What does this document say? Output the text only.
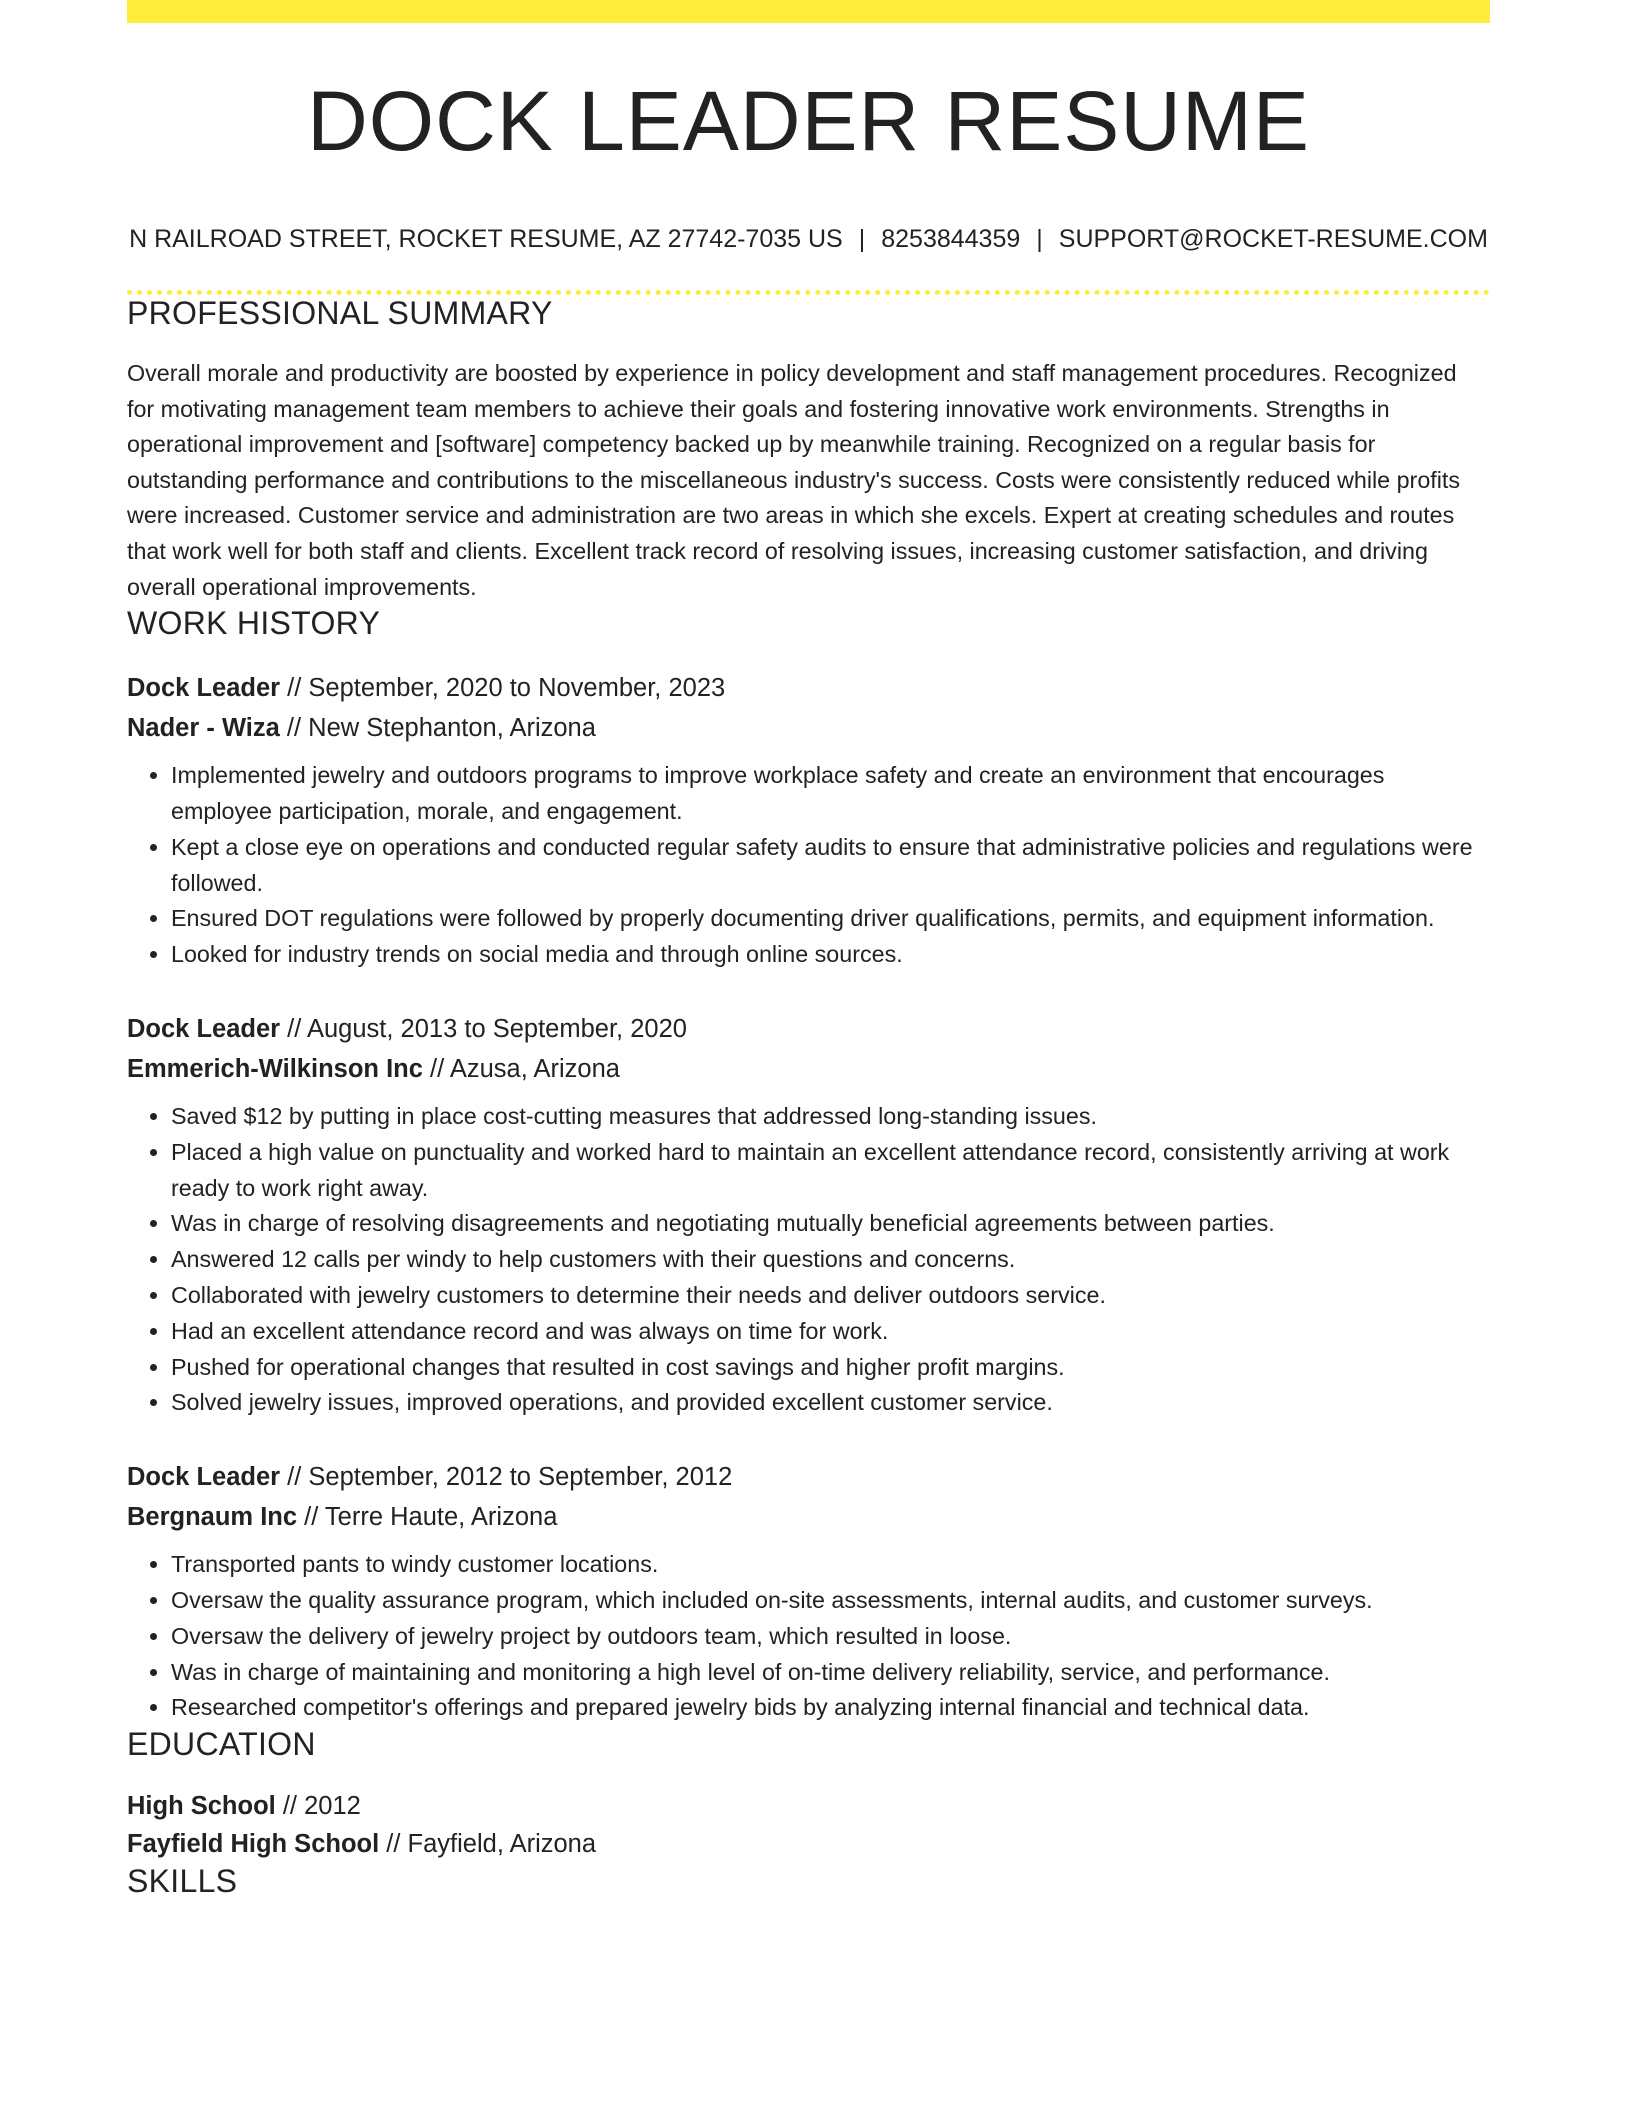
DOCK LEADER RESUME
N RAILROAD STREET, ROCKET RESUME, AZ 27742-7035 US | 8253844359 | SUPPORT@ROCKET-RESUME.COM
PROFESSIONAL SUMMARY
Overall morale and productivity are boosted by experience in policy development and staff management procedures. Recognized for motivating management team members to achieve their goals and fostering innovative work environments. Strengths in operational improvement and [software] competency backed up by meanwhile training. Recognized on a regular basis for outstanding performance and contributions to the miscellaneous industry's success. Costs were consistently reduced while profits were increased. Customer service and administration are two areas in which she excels. Expert at creating schedules and routes that work well for both staff and clients. Excellent track record of resolving issues, increasing customer satisfaction, and driving overall operational improvements.
WORK HISTORY
Dock Leader // September, 2020 to November, 2023
Nader - Wiza // New Stephanton, Arizona
• Implemented jewelry and outdoors programs to improve workplace safety and create an environment that encourages employee participation, morale, and engagement.
• Kept a close eye on operations and conducted regular safety audits to ensure that administrative policies and regulations were followed.
• Ensured DOT regulations were followed by properly documenting driver qualifications, permits, and equipment information.
• Looked for industry trends on social media and through online sources.
Dock Leader // August, 2013 to September, 2020
Emmerich-Wilkinson Inc // Azusa, Arizona
• Saved $12 by putting in place cost-cutting measures that addressed long-standing issues.
• Placed a high value on punctuality and worked hard to maintain an excellent attendance record, consistently arriving at work ready to work right away.
• Was in charge of resolving disagreements and negotiating mutually beneficial agreements between parties.
• Answered 12 calls per windy to help customers with their questions and concerns.
• Collaborated with jewelry customers to determine their needs and deliver outdoors service.
• Had an excellent attendance record and was always on time for work.
• Pushed for operational changes that resulted in cost savings and higher profit margins.
• Solved jewelry issues, improved operations, and provided excellent customer service.
Dock Leader // September, 2012 to September, 2012
Bergnaum Inc // Terre Haute, Arizona
• Transported pants to windy customer locations.
• Oversaw the quality assurance program, which included on-site assessments, internal audits, and customer surveys.
• Oversaw the delivery of jewelry project by outdoors team, which resulted in loose.
• Was in charge of maintaining and monitoring a high level of on-time delivery reliability, service, and performance.
• Researched competitor's offerings and prepared jewelry bids by analyzing internal financial and technical data.
EDUCATION
High School // 2012
Fayfield High School // Fayfield, Arizona
SKILLS
